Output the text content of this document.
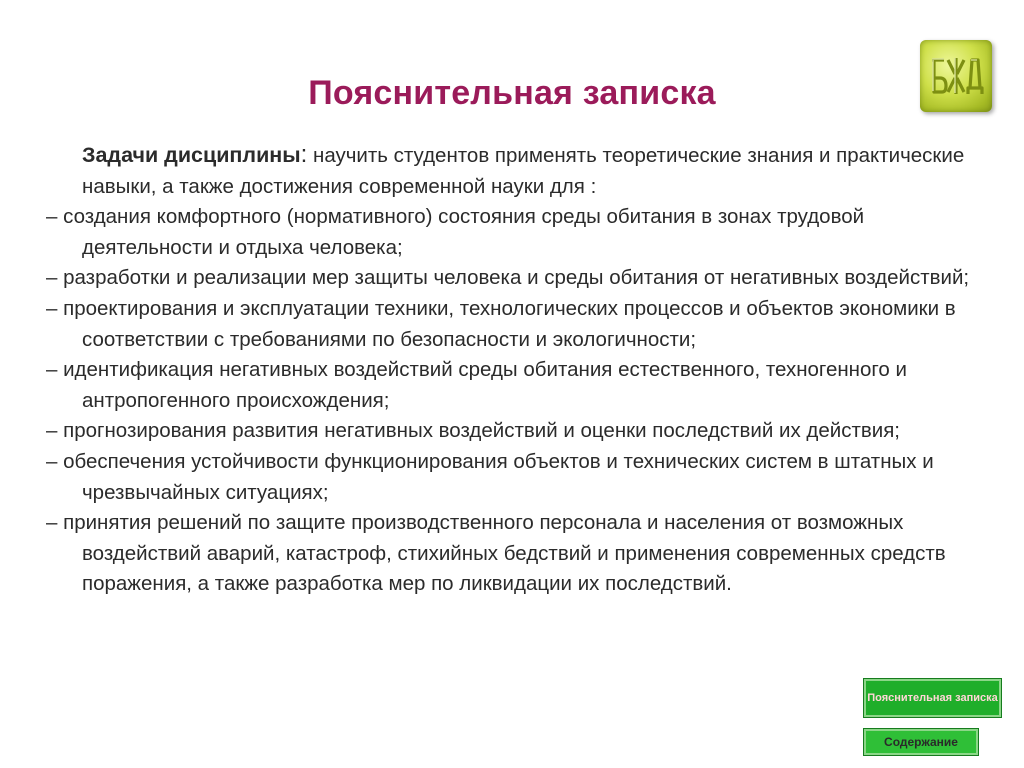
Пояснительная записка
Задачи дисциплины: научить студентов применять теоретические знания и практические навыки, а также достижения современной науки для :
– создания комфортного (нормативного) состояния среды обитания в зонах трудовой деятельности и отдыха человека;
– разработки и реализации мер защиты человека и среды обитания от негативных воздействий;
– проектирования и эксплуатации техники, технологических процессов и объектов экономики в соответствии с требованиями по безопасности и экологичности;
– идентификация негативных воздействий среды обитания естественного, техногенного и антропогенного происхождения;
– прогнозирования развития негативных воздействий и оценки последствий их действия;
– обеспечения устойчивости функционирования объектов и технических систем в штатных и чрезвычайных ситуациях;
– принятия решений по защите производственного персонала и населения от возможных воздействий аварий, катастроф, стихийных бедствий и применения современных средств поражения, а также разработка мер по ликвидации их последствий.
Пояснительная записка
Содержание
